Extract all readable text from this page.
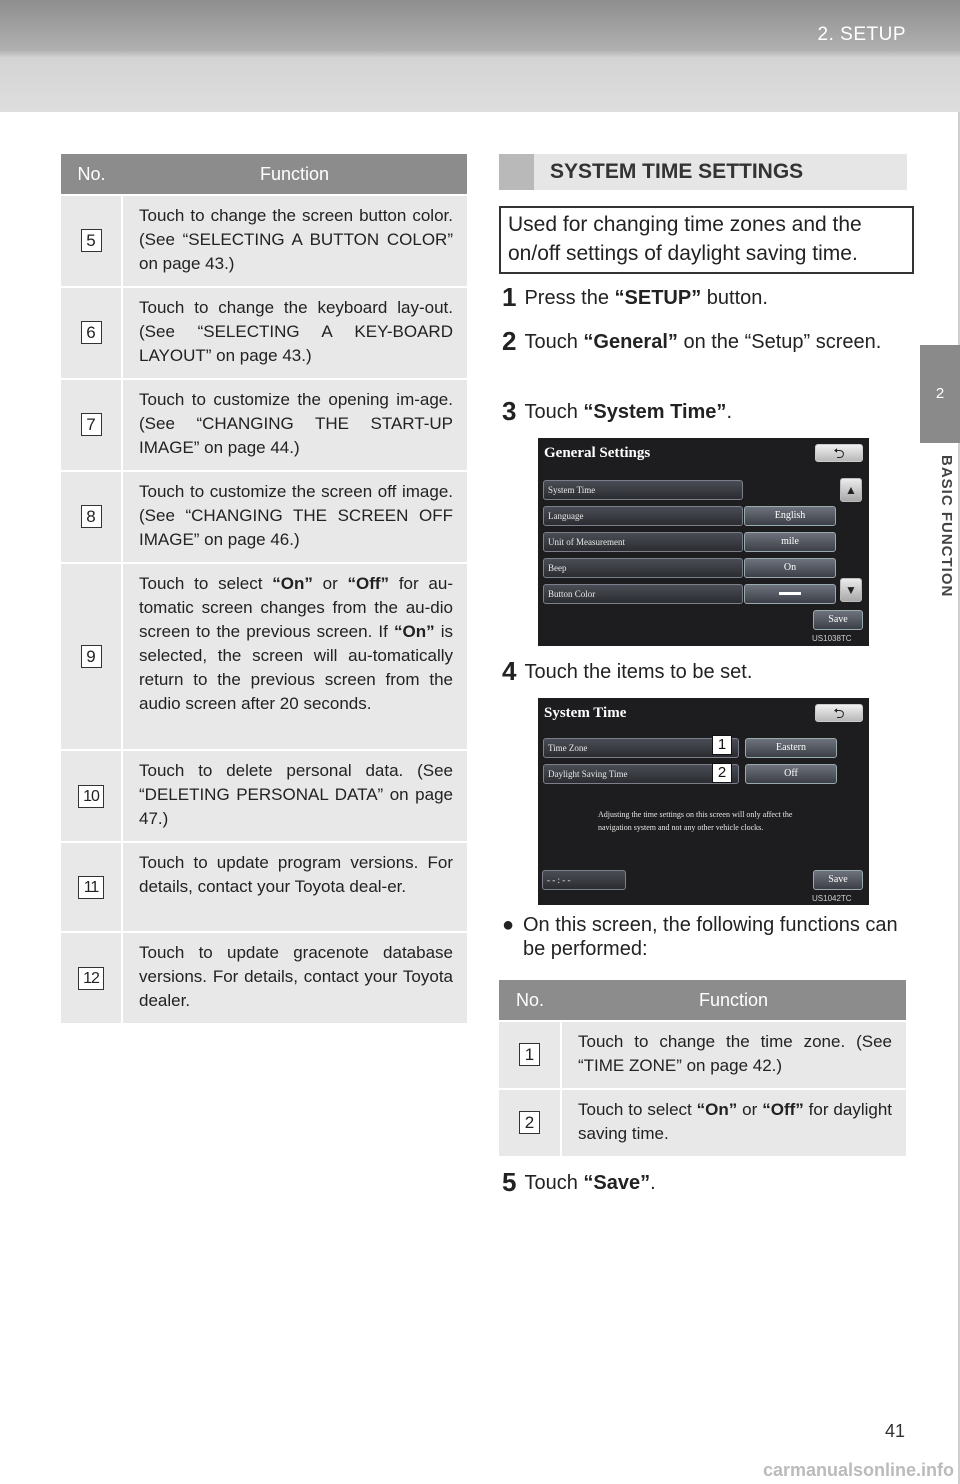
2. SETUP
2
BASIC FUNCTION
No.	Function
5	Touch to change the screen button color. (See “SELECTING A BUTTON COLOR” on page 43.)
6	Touch to change the keyboard lay-out. (See “SELECTING A KEY-BOARD LAYOUT” on page 43.)
7	Touch to customize the opening im-age. (See “CHANGING THE START-UP IMAGE” on page 44.)
8	Touch to customize the screen off image. (See “CHANGING THE SCREEN OFF IMAGE” on page 46.)
9	Touch to select “On” or “Off” for au-tomatic screen changes from the au-dio screen to the previous screen. If “On” is selected, the screen will au-tomatically return to the previous screen from the audio screen after 20 seconds.
10	Touch to delete personal data. (See “DELETING PERSONAL DATA” on page 47.)
11	Touch to update program versions. For details, contact your Toyota deal-er.
12	Touch to update gracenote database versions. For details, contact your Toyota dealer.
SYSTEM TIME SETTINGS
Used for changing time zones and the on/off settings of daylight saving time.
1 Press the “SETUP” button.
2 Touch “General” on the “Setup” screen.
3 Touch “System Time”.
General Settings	⮌
System Time
Language	English
Unit of Measurement	mile
Beep	On
Button Color
▲
▼
Save
US1038TC
4 Touch the items to be set.
System Time	⮌
Time Zone	Eastern
1
Daylight Saving Time	Off
2
Adjusting the time settings on this screen will only affect the navigation system and not any other vehicle clocks.
- - : - -	Save
US1042TC
● On this screen, the following functions can be performed:
No.	Function
1	Touch to change the time zone. (See “TIME ZONE” on page 42.)
2	Touch to select “On” or “Off” for daylight saving time.
5 Touch “Save”.
41
carmanualsonline.info
